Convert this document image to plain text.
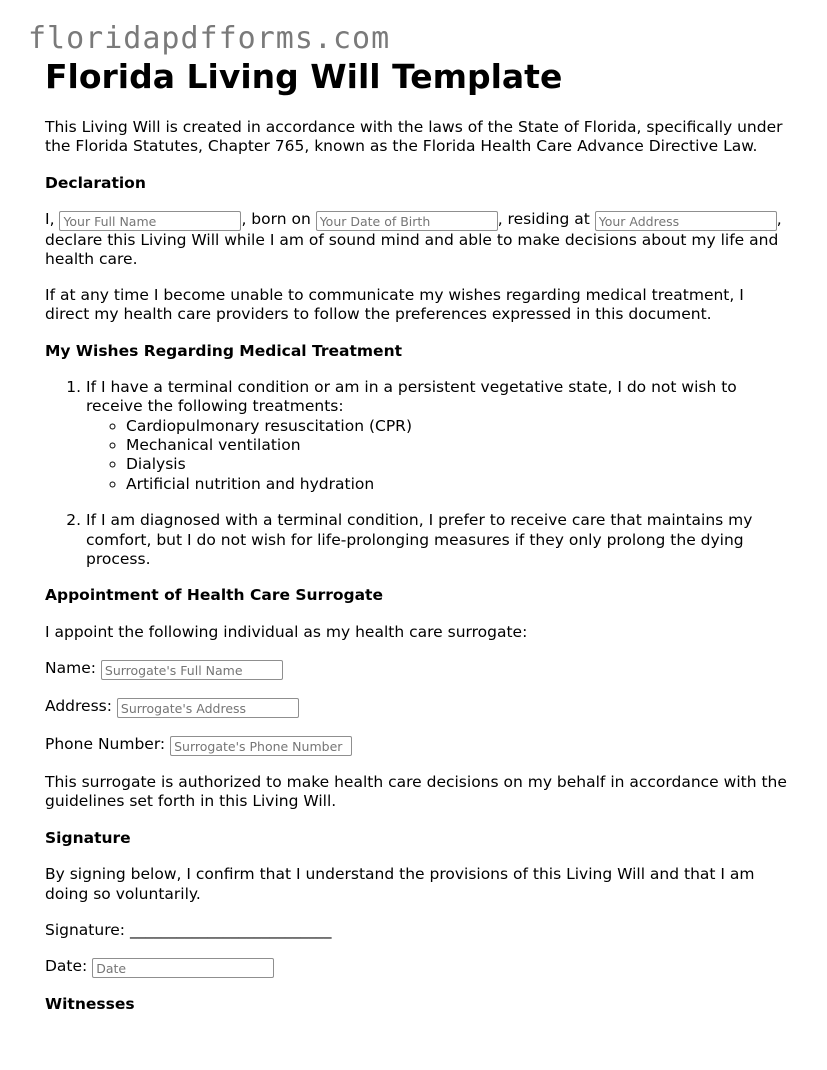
floridapdfforms.com
Florida Living Will Template

This Living Will is created in accordance with the laws of the State of Florida, specifically under the Florida Statutes, Chapter 765, known as the Florida Health Care Advance Directive Law.

Declaration

I, Your Full Name	, born on Your Date of Birth	, residing at Your Address	, declare this Living Will while I am of sound mind and able to make decisions about my life and health care.

If at any time I become unable to communicate my wishes regarding medical treatment, I direct my health care providers to follow the preferences expressed in this document.

My Wishes Regarding Medical Treatment
1. If I have a terminal condition or am in a persistent vegetative state, I do not wish to receive the following treatments:
◦ Cardiopulmonary resuscitation (CPR)
◦ Mechanical ventilation
◦ Dialysis
◦ Artificial nutrition and hydration
2. If I am diagnosed with a terminal condition, I prefer to receive care that maintains my comfort, but I do not wish for life-prolonging measures if they only prolong the dying process.
Appointment of Health Care Surrogate

I appoint the following individual as my health care surrogate:

Name: Surrogate's Full Name

Address: Surrogate's Address

Phone Number: Surrogate's Phone Number

This surrogate is authorized to make health care decisions on my behalf in accordance with the guidelines set forth in this Living Will.

Signature

By signing below, I confirm that I understand the provisions of this Living Will and that I am doing so voluntarily.

Signature: __________________________

Date: Date

Witnesses
